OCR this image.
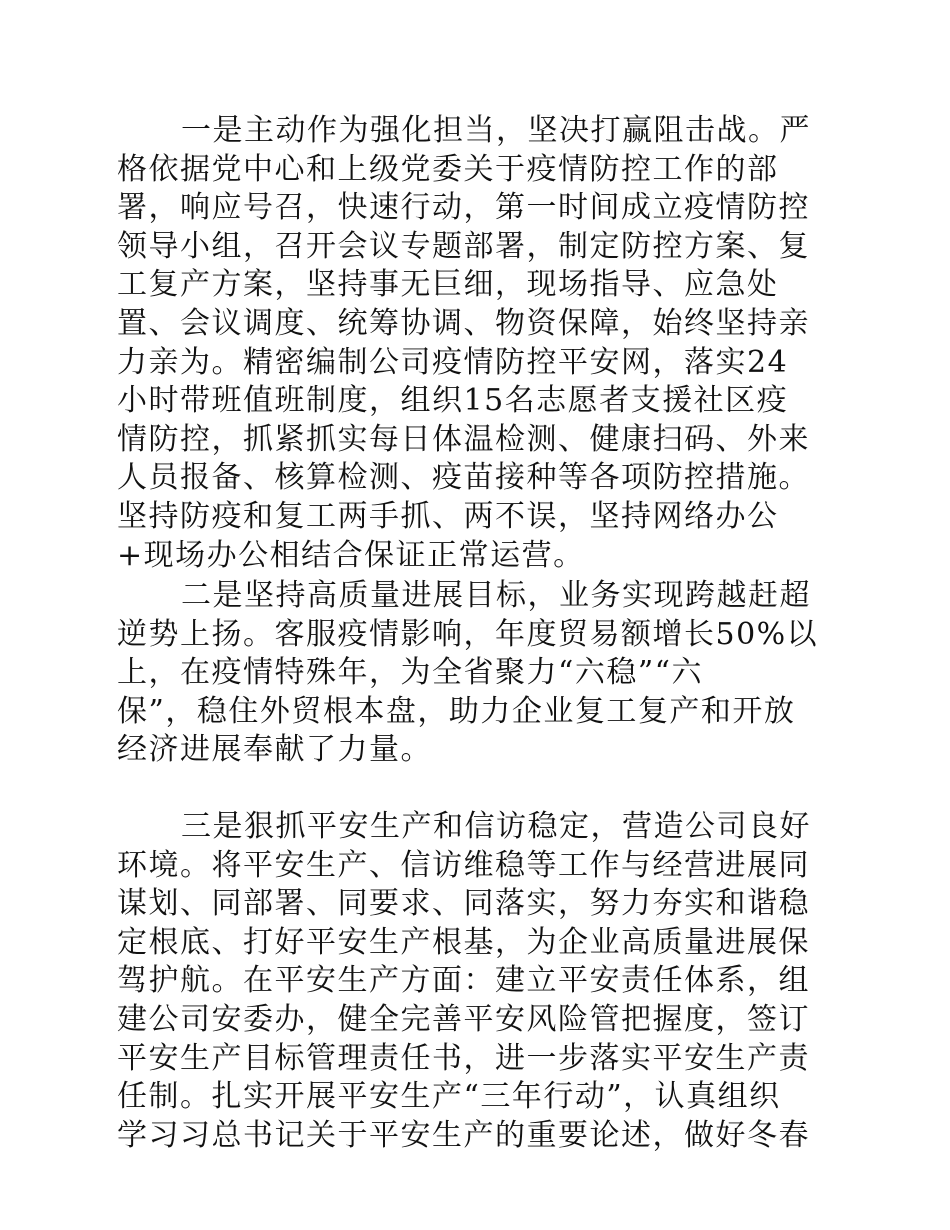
一是主动作为强化担当，坚决打赢阻击战。严
格依据党中心和上级党委关于疫情防控工作的部
署，响应号召，快速行动，第一时间成立疫情防控
领导小组，召开会议专题部署，制定防控方案、复
工复产方案，坚持事无巨细，现场指导、应急处
置、会议调度、统筹协调、物资保障，始终坚持亲
力亲为。精密编制公司疫情防控平安网，落实24
小时带班值班制度，组织15名志愿者支援社区疫
情防控，抓紧抓实每日体温检测、健康扫码、外来
人员报备、核算检测、疫苗接种等各项防控措施。
坚持防疫和复工两手抓、两不误，坚持网络办公
+现场办公相结合保证正常运营。
二是坚持高质量进展目标，业务实现跨越赶超
逆势上扬。客服疫情影响，年度贸易额增长50%以
上，在疫情特殊年，为全省聚力“六稳”“六
保”，稳住外贸根本盘，助力企业复工复产和开放
经济进展奉献了力量。
三是狠抓平安生产和信访稳定，营造公司良好
环境。将平安生产、信访维稳等工作与经营进展同
谋划、同部署、同要求、同落实，努力夯实和谐稳
定根底、打好平安生产根基，为企业高质量进展保
驾护航。在平安生产方面：建立平安责任体系，组
建公司安委办，健全完善平安风险管把握度，签订
平安生产目标管理责任书，进一步落实平安生产责
任制。扎实开展平安生产“三年行动”，认真组织
学习习总书记关于平安生产的重要论述，做好冬春
